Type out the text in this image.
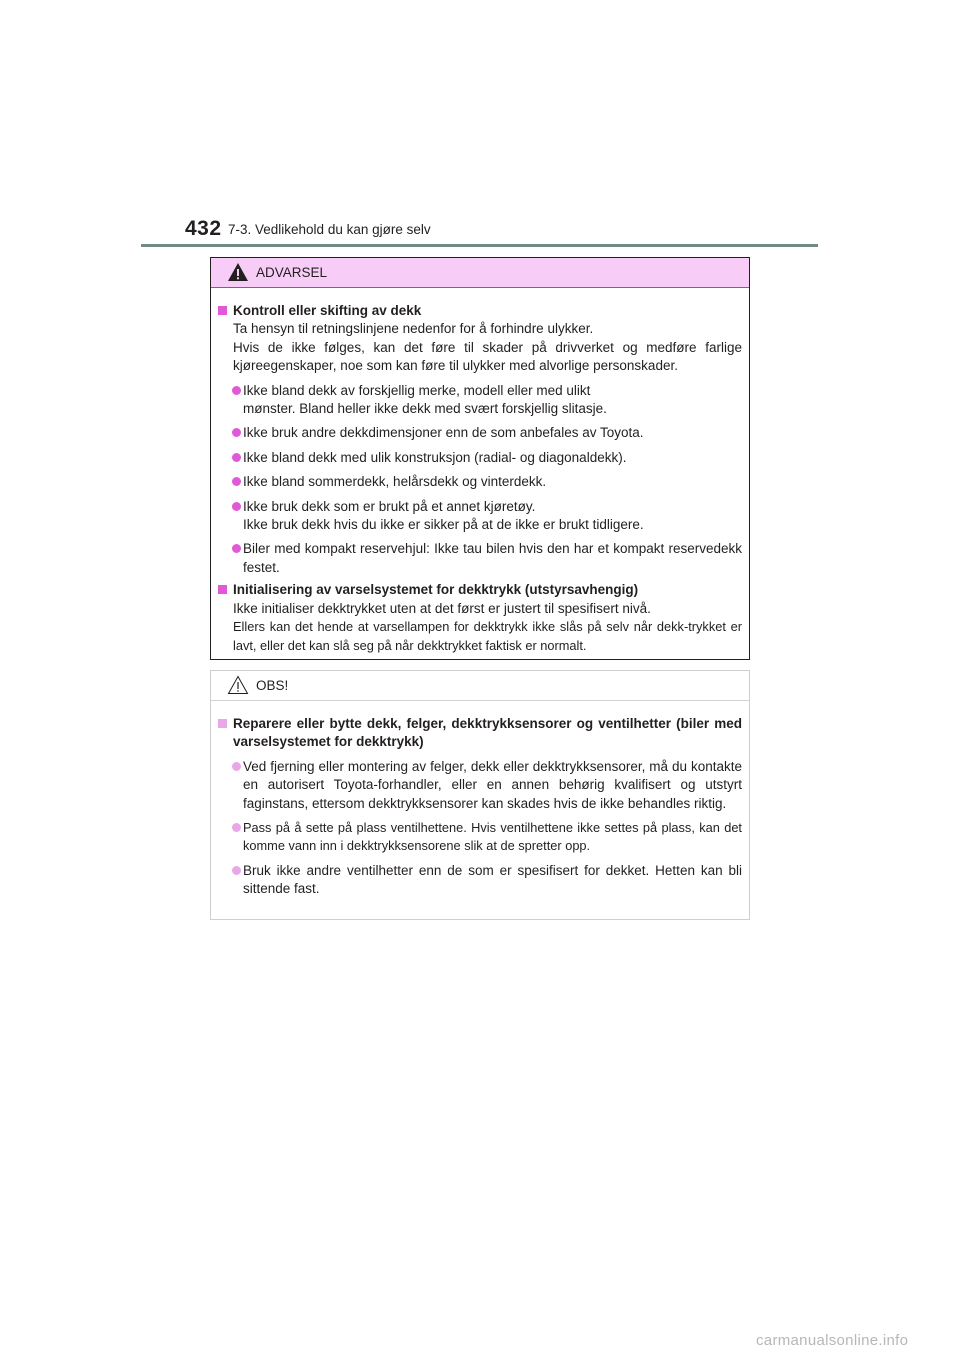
432 7-3. Vedlikehold du kan gjøre selv
ADVARSEL
Kontroll eller skifting av dekk
Ta hensyn til retningslinjene nedenfor for å forhindre ulykker.
Hvis de ikke følges, kan det føre til skader på drivverket og medføre farlige kjøreegenskaper, noe som kan føre til ulykker med alvorlige personskader.
Ikke bland dekk av forskjellig merke, modell eller med ulikt
mønster. Bland heller ikke dekk med svært forskjellig slitasje.
Ikke bruk andre dekkdimensjoner enn de som anbefales av Toyota.
Ikke bland dekk med ulik konstruksjon (radial- og diagonaldekk).
Ikke bland sommerdekk, helårsdekk og vinterdekk.
Ikke bruk dekk som er brukt på et annet kjøretøy.
Ikke bruk dekk hvis du ikke er sikker på at de ikke er brukt tidligere.
Biler med kompakt reservehjul: Ikke tau bilen hvis den har et kompakt reservedekk festet.
Initialisering av varselsystemet for dekktrykk (utstyrsavhengig)
Ikke initialiser dekktrykket uten at det først er justert til spesifisert nivå.
Ellers kan det hende at varsellampen for dekktrykk ikke slås på selv når dekk-trykket er lavt, eller det kan slå seg på når dekktrykket faktisk er normalt.
OBS!
Reparere eller bytte dekk, felger, dekktrykksensorer og ventilhetter (biler med varselsystemet for dekktrykk)
Ved fjerning eller montering av felger, dekk eller dekktrykksensorer, må du kontakte en autorisert Toyota-forhandler, eller en annen behørig kvalifisert og utstyrt faginstans, ettersom dekktrykksensorer kan skades hvis de ikke behandles riktig.
Pass på å sette på plass ventilhettene. Hvis ventilhettene ikke settes på plass, kan det komme vann inn i dekktrykksensorene slik at de spretter opp.
Bruk ikke andre ventilhetter enn de som er spesifisert for dekket. Hetten kan bli sittende fast.
carmanualsonline.info
